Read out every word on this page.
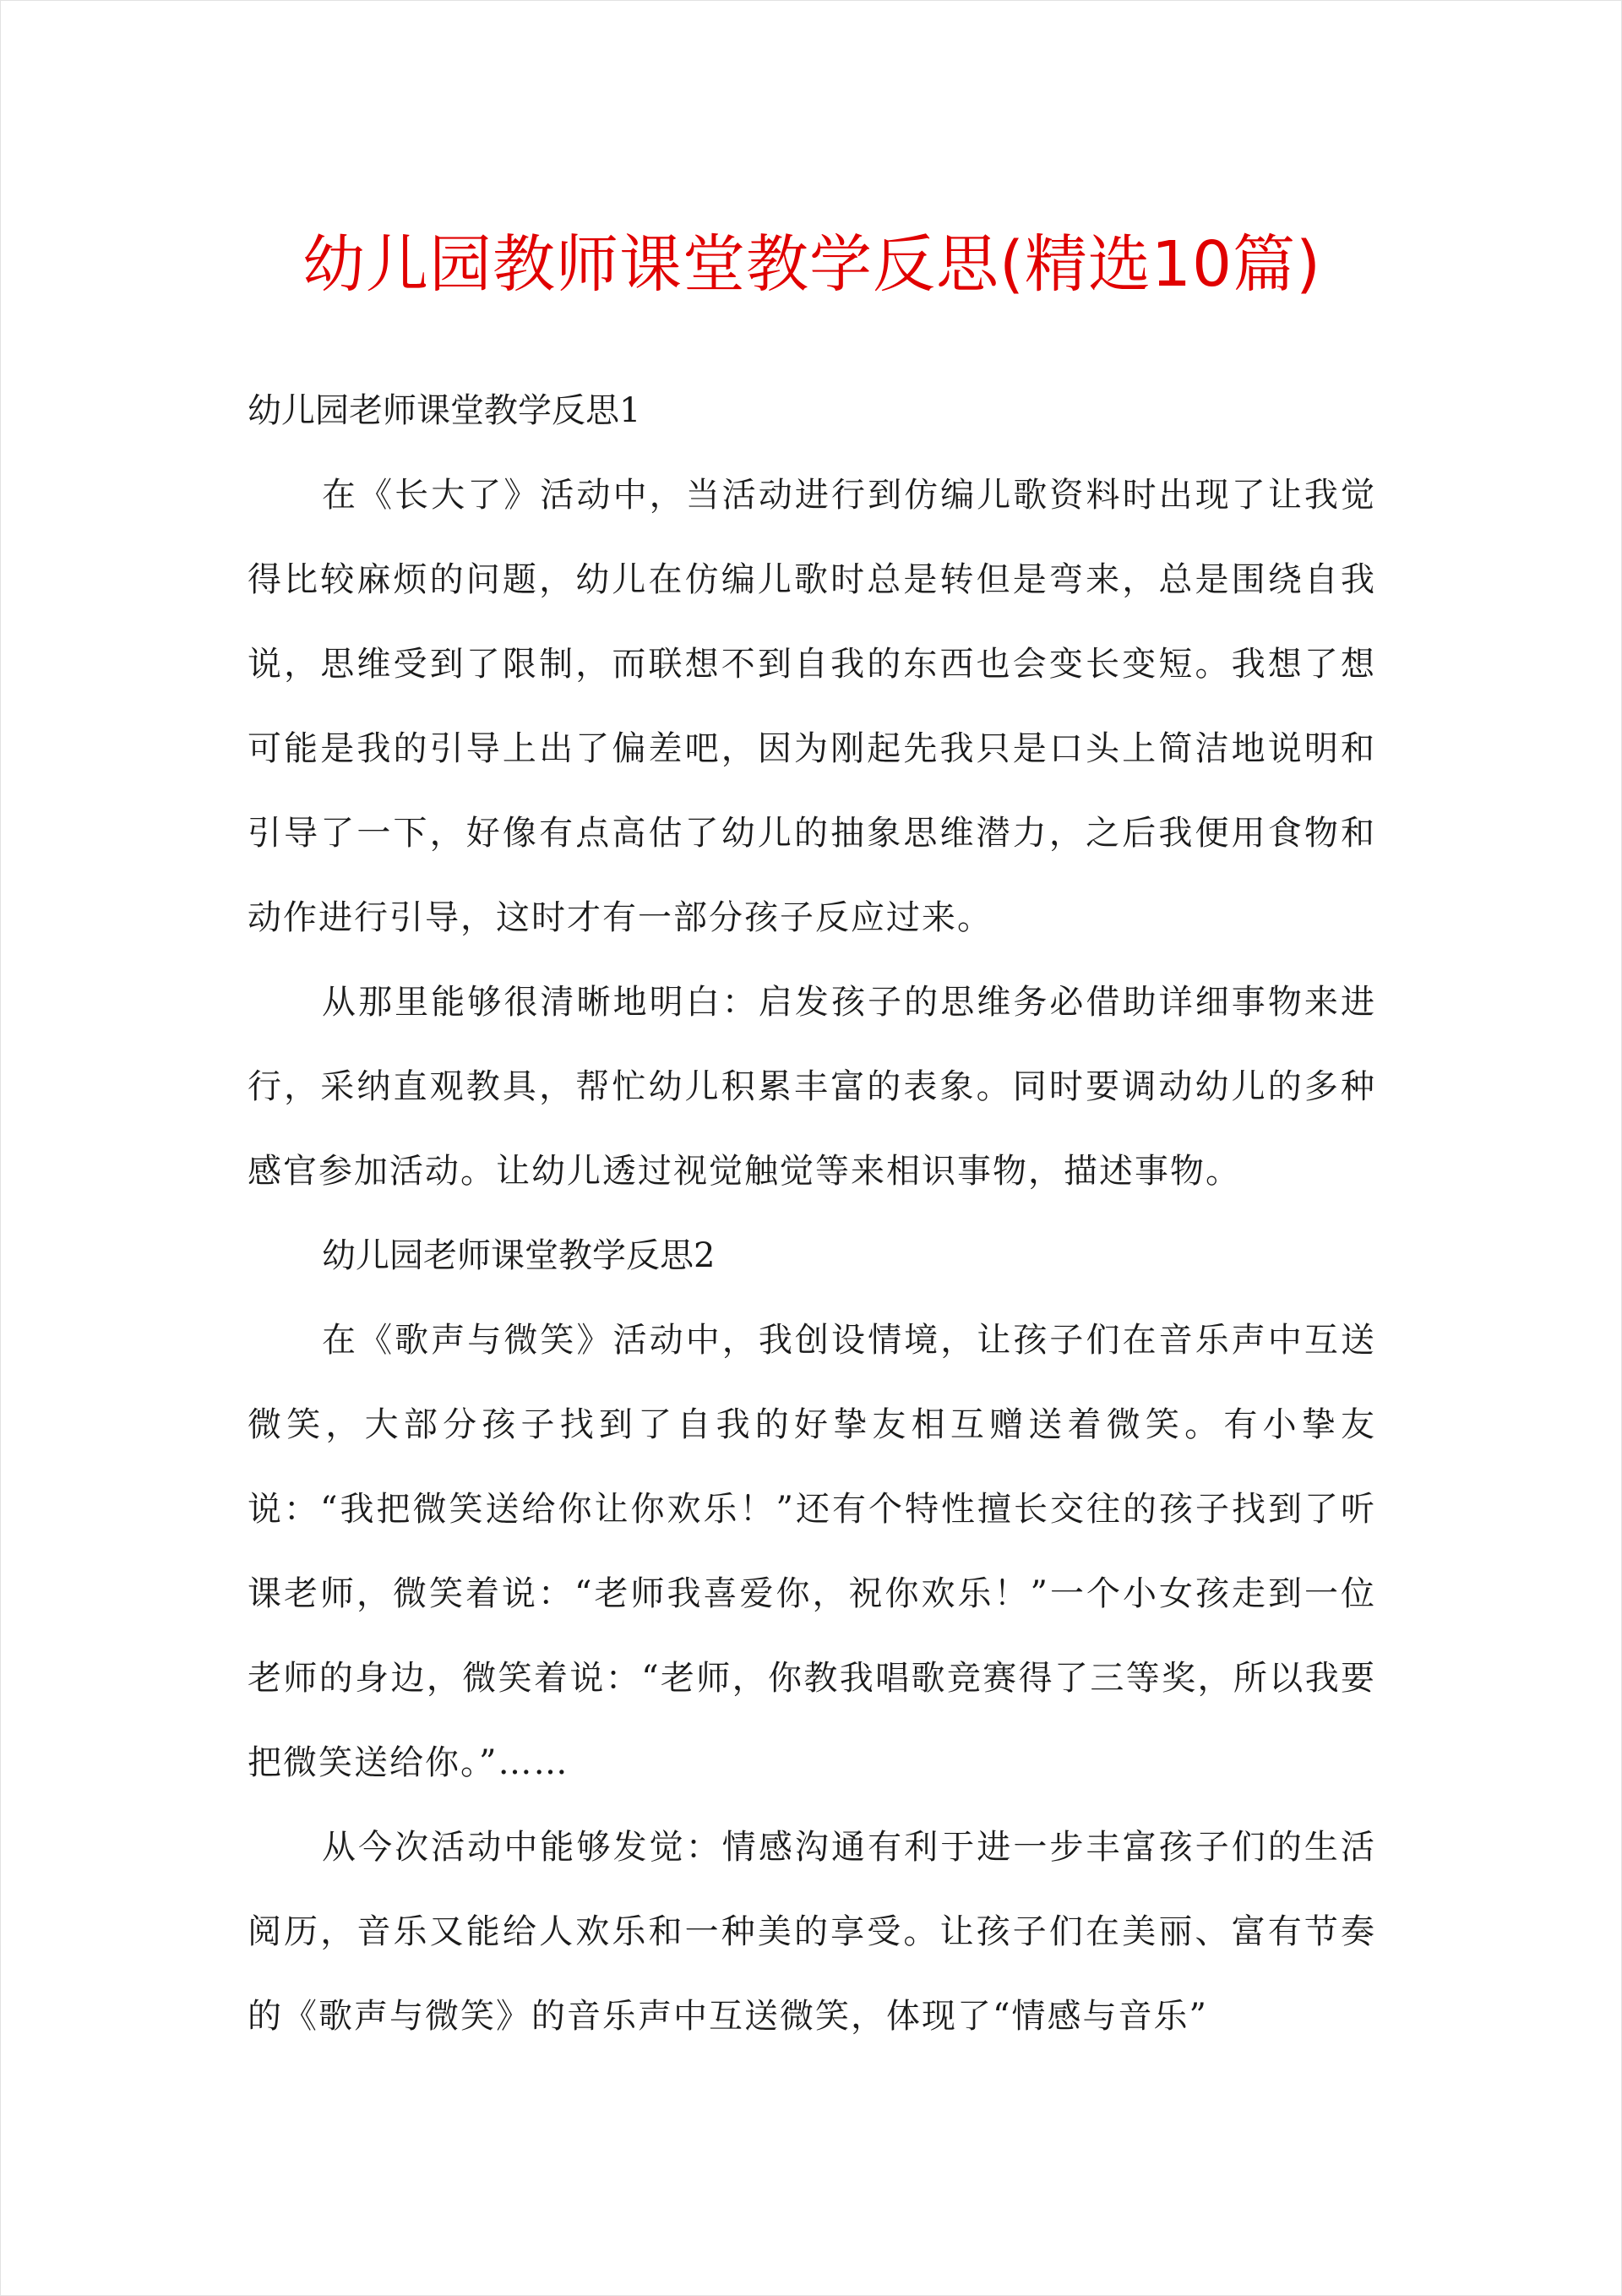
幼儿园教师课堂教学反思(精选10篇)
幼儿园老师课堂教学反思1

在《长大了》活动中，当活动进行到仿编儿歌资料时出现了让我觉得比较麻烦的问题，幼儿在仿编儿歌时总是转但是弯来，总是围绕自我说，思维受到了限制，而联想不到自我的东西也会变长变短。我想了想可能是我的引导上出了偏差吧，因为刚起先我只是口头上简洁地说明和引导了一下，好像有点高估了幼儿的抽象思维潜力，之后我便用食物和动作进行引导，这时才有一部分孩子反应过来。

从那里能够很清晰地明白：启发孩子的思维务必借助详细事物来进行，采纳直观教具，帮忙幼儿积累丰富的表象。同时要调动幼儿的多种感官参加活动。让幼儿透过视觉触觉等来相识事物，描述事物。

幼儿园老师课堂教学反思2

在《歌声与微笑》活动中，我创设情境，让孩子们在音乐声中互送微笑，大部分孩子找到了自我的好挚友相互赠送着微笑。有小挚友说：“我把微笑送给你让你欢乐！”还有个特性擅长交往的孩子找到了听课老师，微笑着说：“老师我喜爱你，祝你欢乐！”一个小女孩走到一位老师的身边，微笑着说：“老师，你教我唱歌竞赛得了三等奖，所以我要把微笑送给你。”……

从今次活动中能够发觉：情感沟通有利于进一步丰富孩子们的生活阅历，音乐又能给人欢乐和一种美的享受。让孩子们在美丽、富有节奏的《歌声与微笑》的音乐声中互送微笑，体现了“情感与音乐”
